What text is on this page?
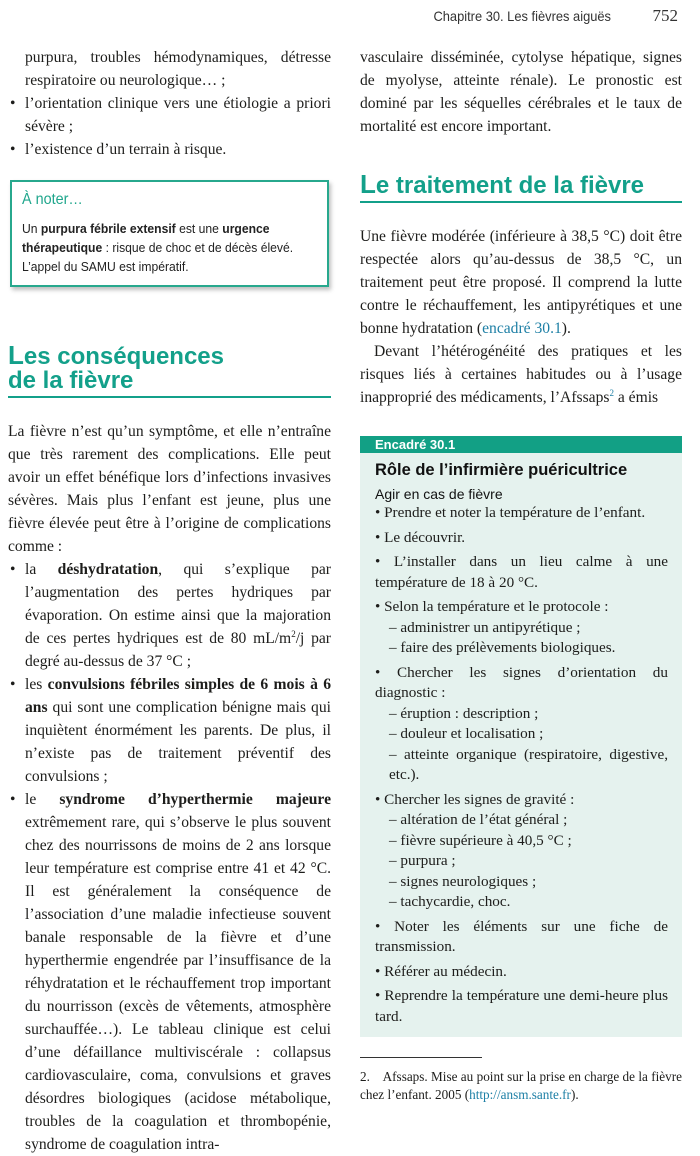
Chapitre 30. Les fièvres aiguës 752
purpura, troubles hémodynamiques, détresse respiratoire ou neurologique… ;
• l’orientation clinique vers une étiologie a priori sévère ;
• l’existence d’un terrain à risque.
À noter…
Un purpura fébrile extensif est une urgence thérapeutique : risque de choc et de décès élevé. L’appel du SAMU est impératif.
Les conséquences
de la fièvre

La fièvre n’est qu’un symptôme, et elle n’entraîne que très rarement des complications. Elle peut avoir un effet bénéfique lors d’infections invasives sévères. Mais plus l’enfant est jeune, plus une fièvre élevée peut être à l’origine de complications comme :

• la déshydratation, qui s’explique par l’augmentation des pertes hydriques par évaporation. On estime ainsi que la majoration de ces pertes hydriques est de 80 $mL/m^2/j$ par degré au-dessus de 37 °C ;
• les convulsions fébriles simples de 6 mois à 6 ans qui sont une complication bénigne mais qui inquiètent énormément les parents. De plus, il n’existe pas de traitement préventif des convulsions ;
• le syndrome d’hyperthermie majeure extrêmement rare, qui s’observe le plus souvent chez des nourrissons de moins de 2 ans lorsque leur température est comprise entre 41 et 42 °C. Il est généralement la conséquence de l’association d’une maladie infectieuse souvent banale responsable de la fièvre et d’une hyperthermie engendrée par l’insuffisance de la réhydratation et le réchauffement trop important du nourrisson (excès de vêtements, atmosphère surchauffée…). Le tableau clinique est celui d’une défaillance multiviscérale : collapsus cardiovasculaire, coma, convulsions et graves désordres biologiques (acidose métabolique, troubles de la coagulation et thrombopénie, syndrome de coagulation intra-

vasculaire disséminée, cytolyse hépatique, signes de myolyse, atteinte rénale). Le pronostic est dominé par les séquelles cérébrales et le taux de mortalité est encore important.

Le traitement de la fièvre

Une fièvre modérée (inférieure à 38,5 °C) doit être respectée alors qu’au-dessus de 38,5 °C, un traitement peut être proposé. Il comprend la lutte contre le réchauffement, les antipyrétiques et une bonne hydratation (encadré 30.1).

Devant l’hétérogénéité des pratiques et les risques liés à certaines habitudes ou à l’usage inapproprié des médicaments, l’Afssaps$^2$ a émis

Encadré 30.1
Rôle de l’infirmière puéricultrice
Agir en cas de fièvre
• Prendre et noter la température de l’enfant.
• Le découvrir.
• L’installer dans un lieu calme à une température de 18 à 20 °C.
• Selon la température et le protocole :
– administrer un antipyrétique ;
– faire des prélèvements biologiques.
• Chercher les signes d’orientation du diagnostic :
– éruption : description ;
– douleur et localisation ;
– atteinte organique (respiratoire, digestive, etc.).
• Chercher les signes de gravité :
– altération de l’état général ;
– fièvre supérieure à 40,5 °C ;
– purpura ;
– signes neurologiques ;
– tachycardie, choc.
• Noter les éléments sur une fiche de transmission.
• Référer au médecin.
• Reprendre la température une demi-heure plus tard.

2. Afssaps. Mise au point sur la prise en charge de la fièvre chez l’enfant. 2005 (http://ansm.sante.fr).
